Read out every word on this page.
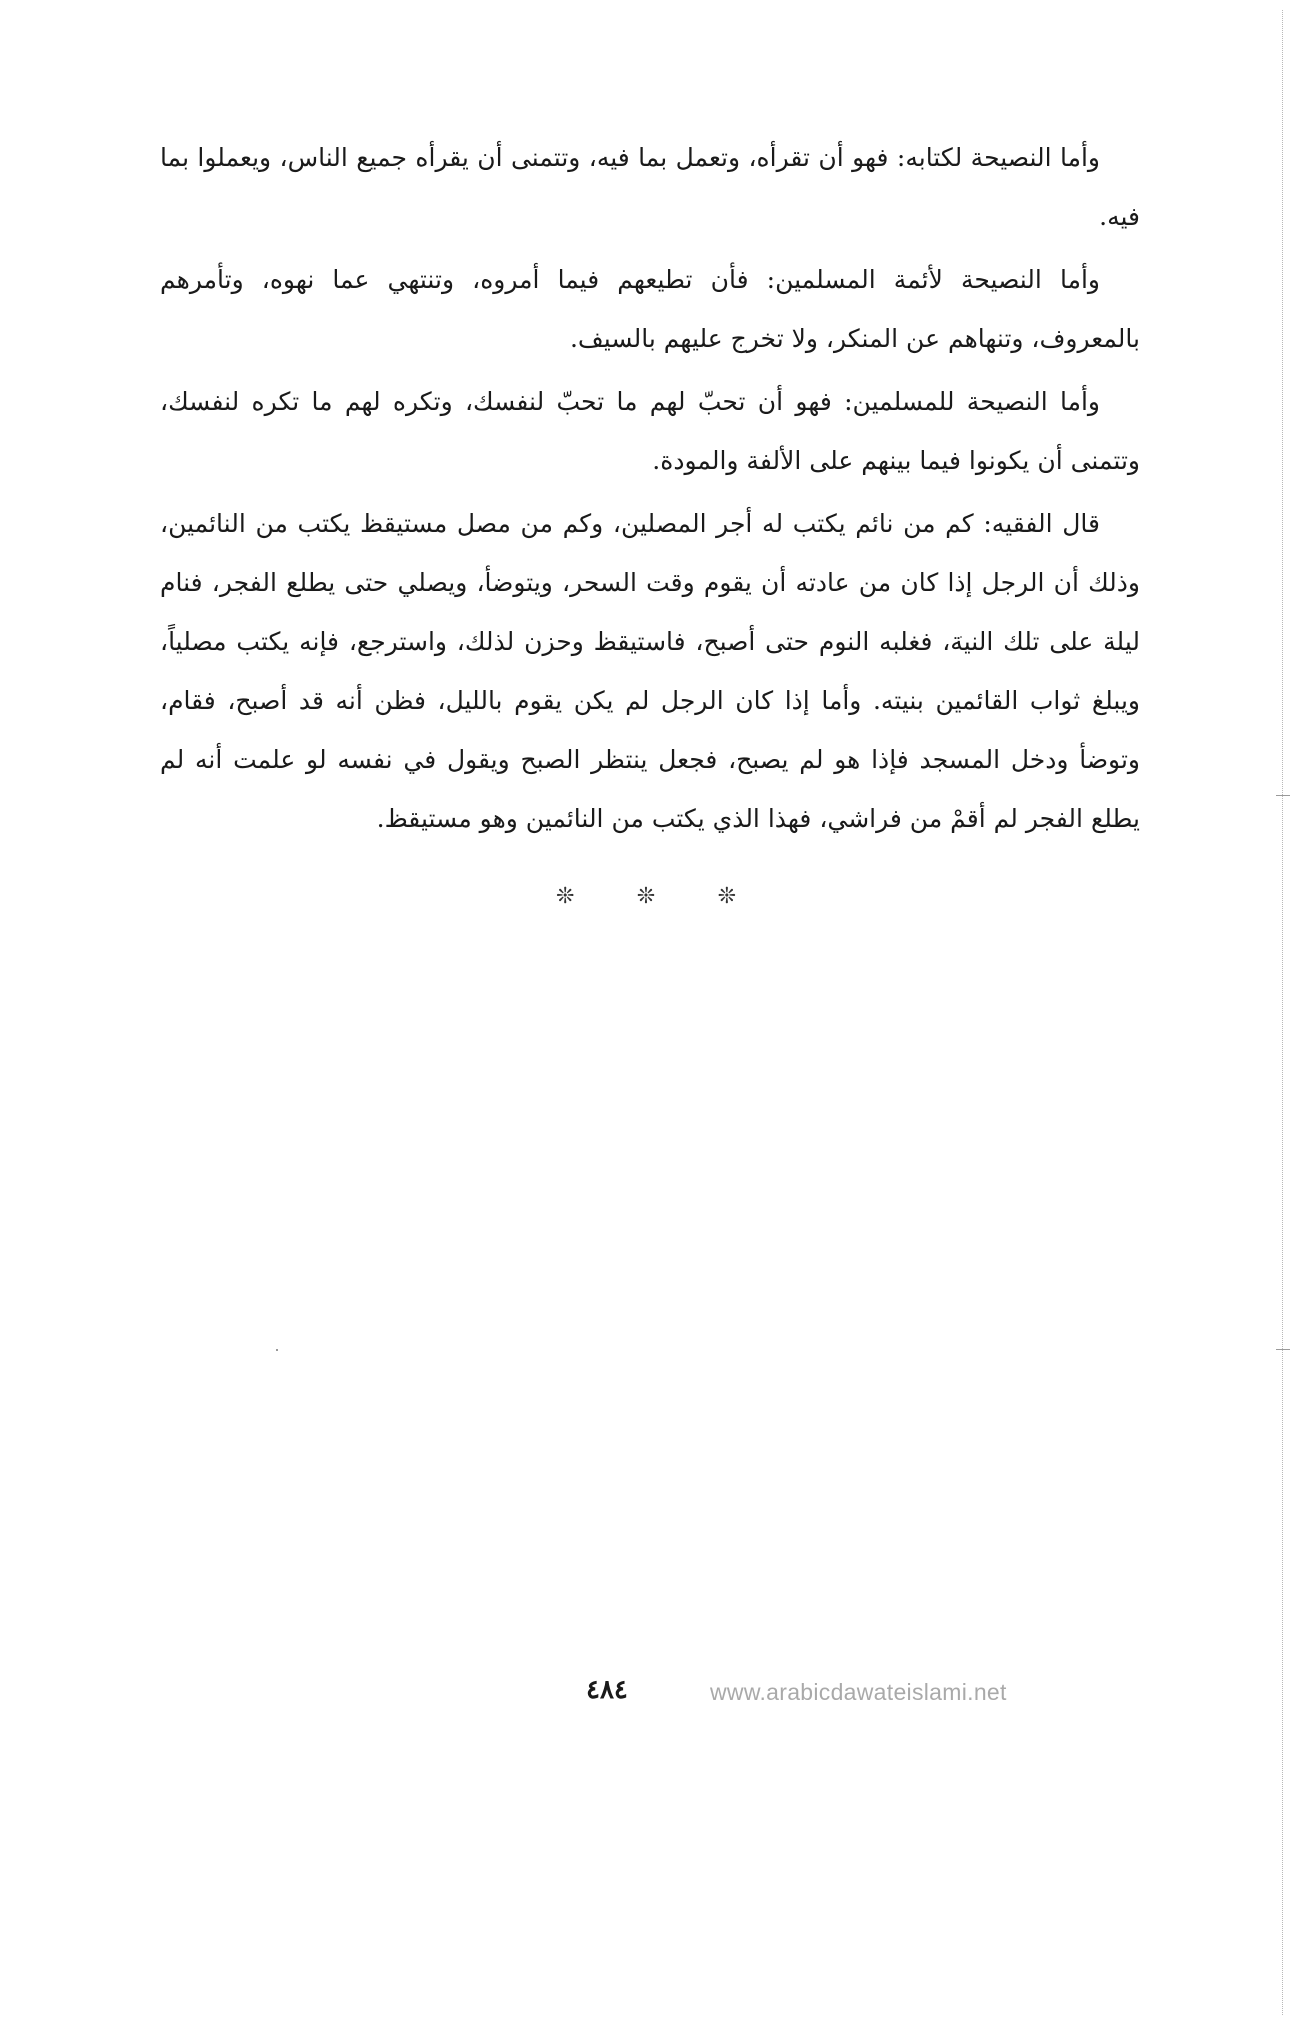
وأما النصيحة لكتابه: فهو أن تقرأه، وتعمل بما فيه، وتتمنى أن يقرأه جميع الناس، ويعملوا بما فيه.

وأما النصيحة لأئمة المسلمين: فأن تطيعهم فيما أمروه، وتنتهي عما نهوه، وتأمرهم بالمعروف، وتنهاهم عن المنكر، ولا تخرج عليهم بالسيف.

وأما النصيحة للمسلمين: فهو أن تحبّ لهم ما تحبّ لنفسك، وتكره لهم ما تكره لنفسك، وتتمنى أن يكونوا فيما بينهم على الألفة والمودة.

قال الفقيه: كم من نائم يكتب له أجر المصلين، وكم من مصل مستيقظ يكتب من النائمين، وذلك أن الرجل إذا كان من عادته أن يقوم وقت السحر، ويتوضأ، ويصلي حتى يطلع الفجر، فنام ليلة على تلك النية، فغلبه النوم حتى أصبح، فاستيقظ وحزن لذلك، واسترجع، فإنه يكتب مصلياً، ويبلغ ثواب القائمين بنيته. وأما إذا كان الرجل لم يكن يقوم بالليل، فظن أنه قد أصبح، فقام، وتوضأ ودخل المسجد فإذا هو لم يصبح، فجعل ينتظر الصبح ويقول في نفسه لو علمت أنه لم يطلع الفجر لم أقمْ من فراشي، فهذا الذي يكتب من النائمين وهو مستيقظ.

❊	❊	❊
٤٨٤	www.arabicdawateislami.net
